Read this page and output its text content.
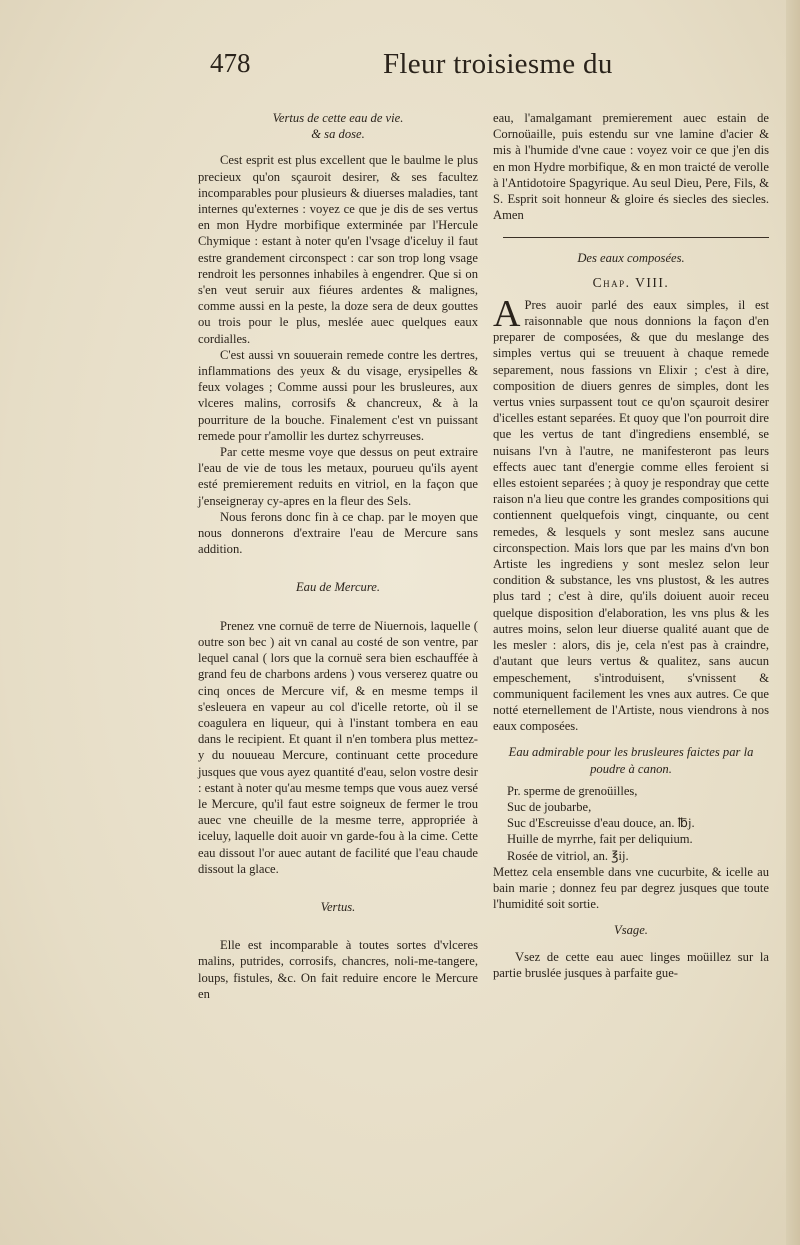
478	Fleur troisiesme du

Vertus de cette eau de vie.

& sa dose.

Cest esprit est plus excellent que le baulme le plus precieux qu'on sçauroit desirer, & ses facultez incomparables pour plusieurs & diuerses maladies, tant internes qu'externes : voyez ce que je dis de ses vertus en mon Hydre morbifique exterminée par l'Hercule Chymique : estant à noter qu'en l'vsage d'iceluy il faut estre grandement circonspect : car son trop long vsage rendroit les personnes inhabiles à engendrer. Que si on s'en veut seruir aux fiéures ardentes & malignes, comme aussi en la peste, la doze sera de deux gouttes ou trois pour le plus, meslée auec quelques eaux cordialles.

C'est aussi vn souuerain remede contre les dertres, inflammations des yeux & du visage, erysipelles & feux volages ; Comme aussi pour les brusleures, aux vlceres malins, corrosifs & chancreux, & à la pourriture de la bouche. Finalement c'est vn puissant remede pour r'amollir les durtez schyrreuses.

Par cette mesme voye que dessus on peut extraire l'eau de vie de tous les metaux, pourueu qu'ils ayent esté premierement reduits en vitriol, en la façon que j'enseigneray cy-apres en la fleur des Sels.

Nous ferons donc fin à ce chap. par le moyen que nous donnerons d'extraire l'eau de Mercure sans addition.

Eau de Mercure.

Prenez vne cornuë de terre de Niuernois, laquelle ( outre son bec ) ait vn canal au costé de son ventre, par lequel canal ( lors que la cornuë sera bien eschauffée à grand feu de charbons ardens ) vous verserez quatre ou cinq onces de Mercure vif, & en mesme temps il s'esleuera en vapeur au col d'icelle retorte, où il se coagulera en liqueur, qui à l'instant tombera en eau dans le recipient. Et quant il n'en tombera plus mettez-y du nouueau Mercure, continuant cette procedure jusques que vous ayez quantité d'eau, selon vostre desir : estant à noter qu'au mesme temps que vous auez versé le Mercure, qu'il faut estre soigneux de fermer le trou auec vne cheuille de la mesme terre, appropriée à iceluy, laquelle doit auoir vn garde-fou à la cime. Cette eau dissout l'or auec autant de facilité que l'eau chaude dissout la glace.

Vertus.

Elle est incomparable à toutes sortes d'vlceres malins, putrides, corrosifs, chancres, noli-me-tangere, loups, fistules, &c. On fait reduire encore le Mercure en

eau, l'amalgamant premierement auec estain de Cornoüaille, puis estendu sur vne lamine d'acier & mis à l'humide d'vne caue : voyez voir ce que j'en dis en mon Hydre morbifique, & en mon traicté de verolle à l'Antidotoire Spagyrique. Au seul Dieu, Pere, Fils, & S. Esprit soit honneur & gloire és siecles des siecles. Amen

Des eaux composées.

Chap. VIII.

A Pres auoir parlé des eaux simples, il est raisonnable que nous donnions la façon d'en preparer de composées, & que du meslange des simples vertus qui se treuuent à chaque remede separement, nous fassions vn Elixir ; c'est à dire, composition de diuers genres de simples, dont les vertus vnies surpassent tout ce qu'on sçauroit desirer d'icelles estant separées. Et quoy que l'on pourroit dire que les vertus de tant d'ingrediens ensemblé, se nuisans l'vn à l'autre, ne manifesteront pas leurs effects auec tant d'energie comme elles feroient si elles estoient separées ; à quoy je respondray que cette raison n'a lieu que contre les grandes compositions qui contiennent quelquefois vingt, cinquante, ou cent remedes, & lesquels y sont meslez sans aucune circonspection. Mais lors que par les mains d'vn bon Artiste les ingrediens y sont meslez selon leur condition & substance, les vns plustost, & les autres plus tard ; c'est à dire, qu'ils doiuent auoir receu quelque disposition d'elaboration, les vns plus & les autres moins, selon leur diuerse qualité auant que de les mesler : alors, dis je, cela n'est pas à craindre, d'autant que leurs vertus & qualitez, sans aucun empeschement, s'introduisent, s'vnissent & communiquent facilement les vnes aux autres. Ce que notté eternellement de l'Artiste, nous viendrons à nos eaux composées.

Eau admirable pour les brusleures faictes par la poudre à canon.

Pr. sperme de grenoüilles,
Suc de joubarbe,
Suc d'Escreuisse d'eau douce, an. ℔j.
Huille de myrrhe, fait per deliquium.
Rosée de vitriol, an. ℥ij.

Mettez cela ensemble dans vne cucurbite, & icelle au bain marie ; donnez feu par degrez jusques que toute l'humidité soit sortie.

Vsage.

Vsez de cette eau auec linges moüillez sur la partie bruslée jusques à parfaite gue-
